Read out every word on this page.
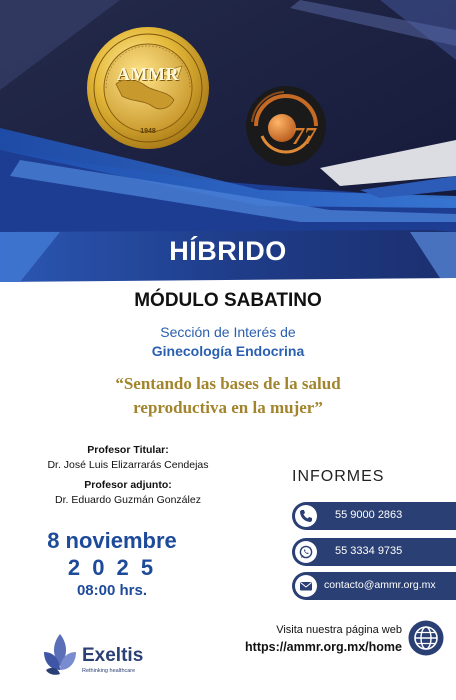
AMMR
1948	77
HÍBRIDO
MÓDULO SABATINO
Sección de Interés de
Ginecología Endocrina
“Sentando las bases de la salud
reproductiva en la mujer”
Profesor Titular:
Dr. José Luis Elizarrarás Cendejas
Profesor adjunto:
Dr. Eduardo Guzmán González
8 noviembre
2 0 2 5
08:00 hrs.
INFORMES
55 9000 2863
55 3334 9735
contacto@ammr.org.mx
Visita nuestra página web
https://ammr.org.mx/home
Exeltis
Rethinking healthcare
